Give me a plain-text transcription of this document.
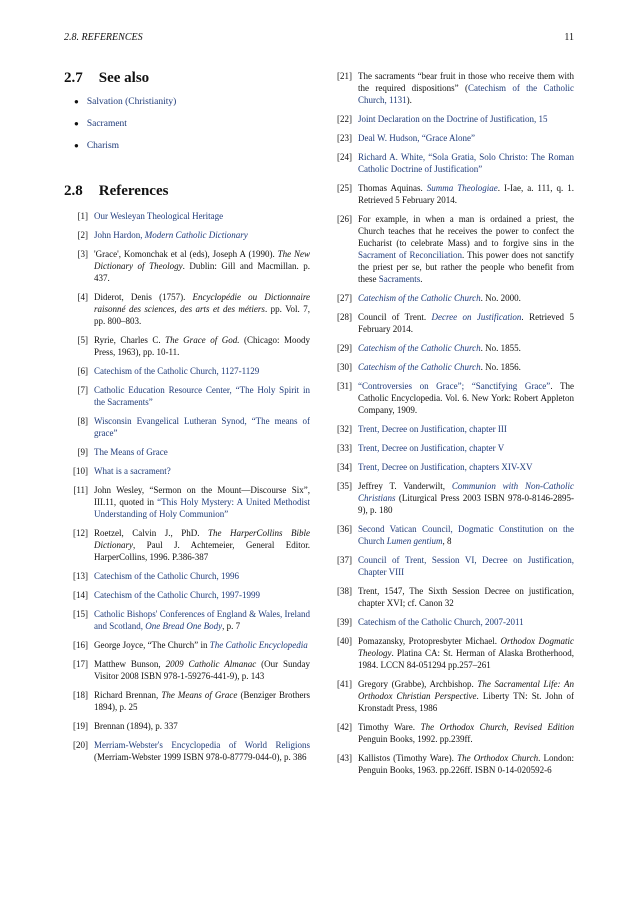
2.8. REFERENCES	11
2.7 See also
● Salvation (Christianity)
● Sacrament
● Charism
2.8 References
[1] Our Wesleyan Theological Heritage
[2] John Hardon, Modern Catholic Dictionary
[3] 'Grace', Komonchak et al (eds), Joseph A (1990). The New Dictionary of Theology. Dublin: Gill and Macmillan. p. 437.
[4] Diderot, Denis (1757). Encyclopédie ou Dictionnaire raisonné des sciences, des arts et des métiers. pp. Vol. 7, pp. 800–803.
[5] Ryrie, Charles C. The Grace of God. (Chicago: Moody Press, 1963), pp. 10-11.
[6] Catechism of the Catholic Church, 1127-1129
[7] Catholic Education Resource Center, “The Holy Spirit in the Sacraments”
[8] Wisconsin Evangelical Lutheran Synod, “The means of grace”
[9] The Means of Grace
[10] What is a sacrament?
[11] John Wesley, “Sermon on the Mount—Discourse Six”, III.11, quoted in “This Holy Mystery: A United Methodist Understanding of Holy Communion”
[12] Roetzel, Calvin J., PhD. The HarperCollins Bible Dictionary, Paul J. Achtemeier, General Editor. HarperCollins, 1996. P.386-387
[13] Catechism of the Catholic Church, 1996
[14] Catechism of the Catholic Church, 1997-1999
[15] Catholic Bishops' Conferences of England & Wales, Ireland and Scotland, One Bread One Body, p. 7
[16] George Joyce, “The Church” in The Catholic Encyclopedia
[17] Matthew Bunson, 2009 Catholic Almanac (Our Sunday Visitor 2008 ISBN 978-1-59276-441-9), p. 143
[18] Richard Brennan, The Means of Grace (Benziger Brothers 1894), p. 25
[19] Brennan (1894), p. 337
[20] Merriam-Webster's Encyclopedia of World Religions (Merriam-Webster 1999 ISBN 978-0-87779-044-0), p. 386
[21] The sacraments “bear fruit in those who receive them with the required dispositions” (Catechism of the Catholic Church, 1131).
[22] Joint Declaration on the Doctrine of Justification, 15
[23] Deal W. Hudson, “Grace Alone”
[24] Richard A. White, “Sola Gratia, Solo Christo: The Roman Catholic Doctrine of Justification”
[25] Thomas Aquinas. Summa Theologiae. I-Iae, a. 111, q. 1. Retrieved 5 February 2014.
[26] For example, in when a man is ordained a priest, the Church teaches that he receives the power to confect the Eucharist (to celebrate Mass) and to forgive sins in the Sacrament of Reconciliation. This power does not sanctify the priest per se, but rather the people who benefit from these Sacraments.
[27] Catechism of the Catholic Church. No. 2000.
[28] Council of Trent. Decree on Justification. Retrieved 5 February 2014.
[29] Catechism of the Catholic Church. No. 1855.
[30] Catechism of the Catholic Church. No. 1856.
[31] “Controversies on Grace”; “Sanctifying Grace”. The Catholic Encyclopedia. Vol. 6. New York: Robert Appleton Company, 1909.
[32] Trent, Decree on Justification, chapter III
[33] Trent, Decree on Justification, chapter V
[34] Trent, Decree on Justification, chapters XIV-XV
[35] Jeffrey T. Vanderwilt, Communion with Non-Catholic Christians (Liturgical Press 2003 ISBN 978-0-8146-2895-9), p. 180
[36] Second Vatican Council, Dogmatic Constitution on the Church Lumen gentium, 8
[37] Council of Trent, Session VI, Decree on Justification, Chapter VIII
[38] Trent, 1547, The Sixth Session Decree on justification, chapter XVI; cf. Canon 32
[39] Catechism of the Catholic Church, 2007-2011
[40] Pomazansky, Protopresbyter Michael. Orthodox Dogmatic Theology. Platina CA: St. Herman of Alaska Brotherhood, 1984. LCCN 84-051294 pp.257–261
[41] Gregory (Grabbe), Archbishop. The Sacramental Life: An Orthodox Christian Perspective. Liberty TN: St. John of Kronstadt Press, 1986
[42] Timothy Ware. The Orthodox Church, Revised Edition Penguin Books, 1992. pp.239ff.
[43] Kallistos (Timothy Ware). The Orthodox Church. London: Penguin Books, 1963. pp.226ff. ISBN 0-14-020592-6
